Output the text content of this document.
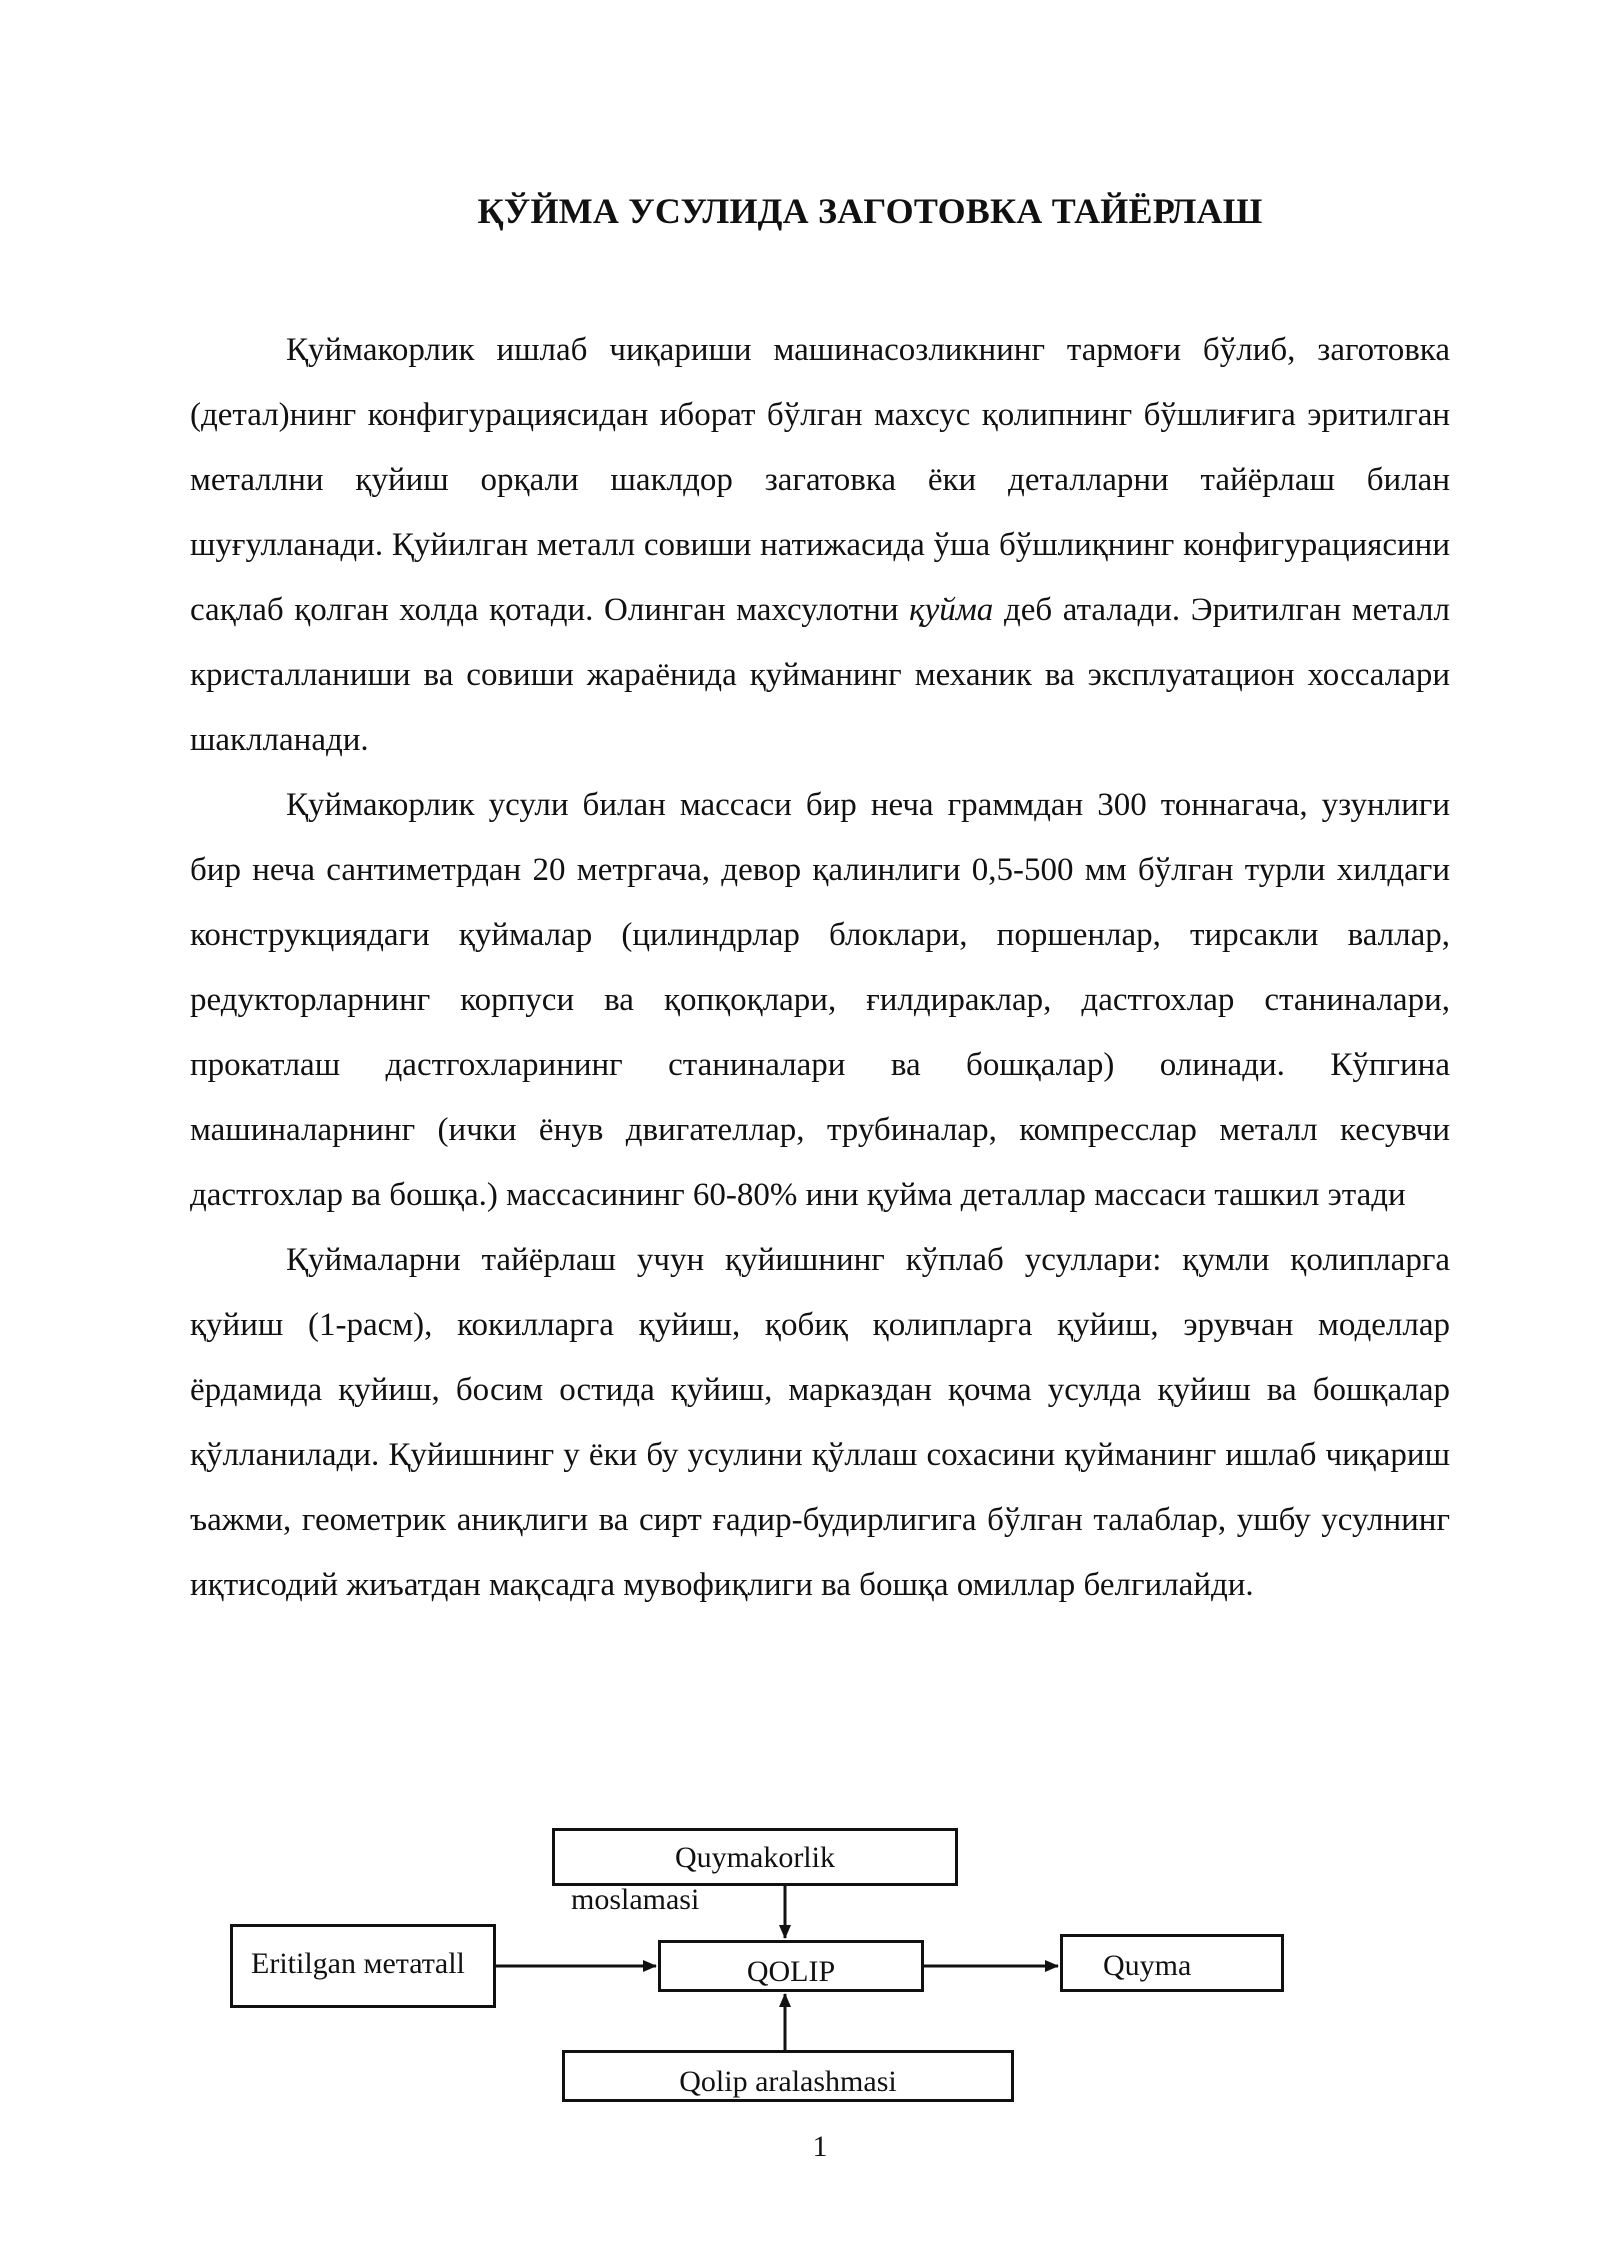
ҚЎЙМА УСУЛИДА ЗАГОТОВКА ТАЙЁРЛАШ

Қуймакорлик ишлаб чиқариши машинасозликнинг тармоғи бўлиб, заготовка (детал)нинг конфигурациясидан иборат бўлган махсус қолипнинг бўшлиғига эритилган металлни қуйиш орқали шаклдор загатовка ёки деталларни тайёрлаш билан шуғулланади. Қуйилган металл совиши натижасида ўша бўшлиқнинг конфигурациясини сақлаб қолган холда қотади. Олинган махсулотни қуйма деб аталади. Эритилган металл кристалланиши ва совиши жараёнида қуйманинг механик ва эксплуатацион хоссалари шаклланади.

Қуймакорлик усули билан массаси бир неча граммдан 300 тоннагача, узунлиги бир неча сантиметрдан 20 метргача, девор қалинлиги 0,5-500 мм бўлган турли хилдаги конструкциядаги қуймалар (цилиндрлар блоклари, поршенлар, тирсакли валлар, редукторларнинг корпуси ва қопқоқлари, ғилдираклар, дастгохлар станиналари, прокатлаш дастгохларининг станиналари ва бошқалар) олинади. Кўпгина машиналарнинг (ички ёнув двигателлар, трубиналар, компресслар металл кесувчи дастгохлар ва бошқа.) массасининг 60-80% ини қуйма деталлар массаси ташкил этади

Қуймаларни тайёрлаш учун қуйишнинг кўплаб усуллари: қумли қолипларга қуйиш (1-расм), кокилларга қуйиш, қобиқ қолипларга қуйиш, эрувчан моделлар ёрдамида қуйиш, босим остида қуйиш, марказдан қочма усулда қуйиш ва бошқалар қўлланилади. Қуйишнинг у ёки бу усулини қўллаш сохасини қуйманинг ишлаб чиқариш ъажми, геометрик аниқлиги ва сирт ғадир-будирлигига бўлган талаблар, ушбу усулнинг иқтисодий жиъатдан мақсадга мувофиқлиги ва бошқа омиллар белгилайди.

Quymakorlik
moslamasi
Eritilgan метатall	QOLIP	Quyma
Qolip aralashmasi
1
